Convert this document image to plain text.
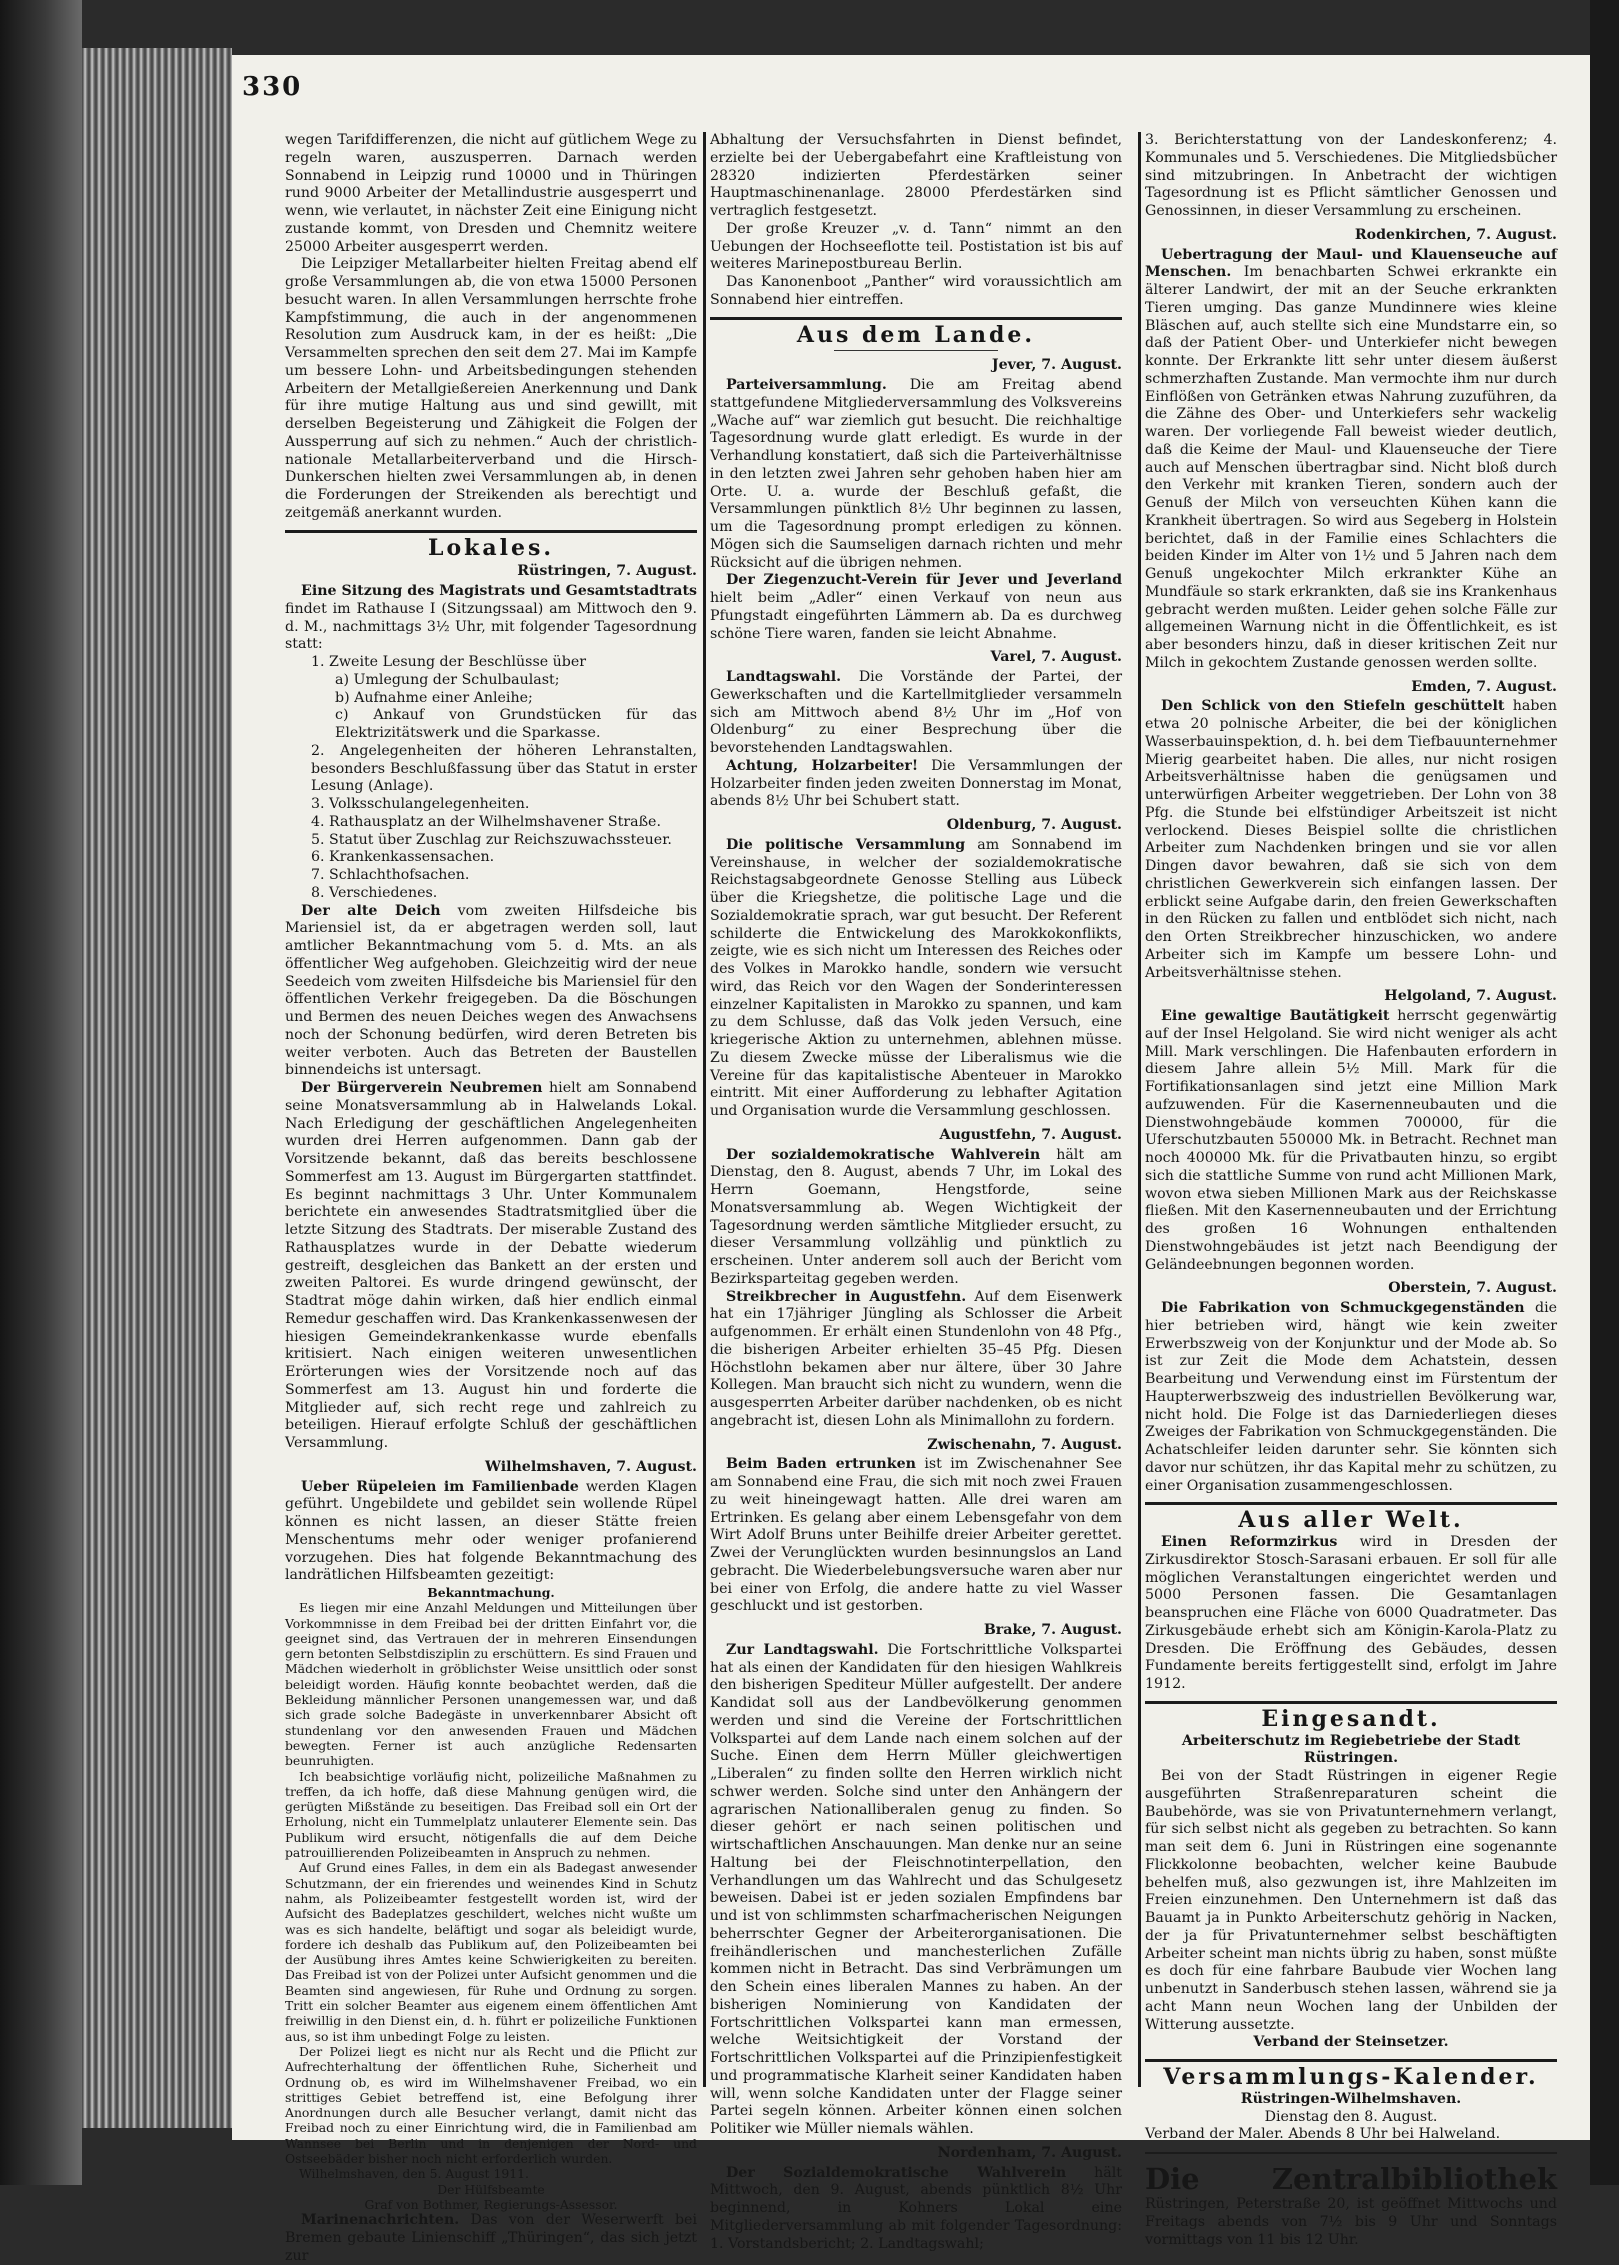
330

wegen Tarifdifferenzen, die nicht auf gütlichem Wege zu regeln waren, auszusperren. Darnach werden Sonnabend in Leipzig rund 10000 und in Thüringen rund 9000 Arbeiter der Metallindustrie ausgesperrt und wenn, wie verlautet, in nächster Zeit eine Einigung nicht zustande kommt, von Dresden und Chemnitz weitere 25000 Arbeiter ausgesperrt werden.

Die Leipziger Metallarbeiter hielten Freitag abend elf große Versammlungen ab, die von etwa 15000 Personen besucht waren. In allen Versammlungen herrschte frohe Kampfstimmung, die auch in der angenommenen Resolution zum Ausdruck kam, in der es heißt: „Die Versammelten sprechen den seit dem 27. Mai im Kampfe um bessere Lohn- und Arbeitsbedingungen stehenden Arbeitern der Metallgießereien Anerkennung und Dank für ihre mutige Haltung aus und sind gewillt, mit derselben Begeisterung und Zähigkeit die Folgen der Aussperrung auf sich zu nehmen.“ Auch der christlich-nationale Metallarbeiterverband und die Hirsch-Dunkerschen hielten zwei Versammlungen ab, in denen die Forderungen der Streikenden als berechtigt und zeitgemäß anerkannt wurden.

Lokales.
Rüstringen, 7. August.

Eine Sitzung des Magistrats und Gesamtstadtrats findet im Rathause I (Sitzungssaal) am Mittwoch den 9. d. M., nachmittags 3½ Uhr, mit folgender Tagesordnung statt:

1. Zweite Lesung der Beschlüsse über
a) Umlegung der Schulbaulast;
b) Aufnahme einer Anleihe;
c) Ankauf von Grundstücken für das Elektrizitätswerk und die Sparkasse.
2. Angelegenheiten der höheren Lehranstalten, besonders Beschlußfassung über das Statut in erster Lesung (Anlage).
3. Volksschulangelegenheiten.
4. Rathausplatz an der Wilhelmshavener Straße.
5. Statut über Zuschlag zur Reichszuwachssteuer.
6. Krankenkassensachen.
7. Schlachthofsachen.
8. Verschiedenes.

Der alte Deich vom zweiten Hilfsdeiche bis Mariensiel ist, da er abgetragen werden soll, laut amtlicher Bekanntmachung vom 5. d. Mts. an als öffentlicher Weg aufgehoben. Gleichzeitig wird der neue Seedeich vom zweiten Hilfsdeiche bis Mariensiel für den öffentlichen Verkehr freigegeben. Da die Böschungen und Bermen des neuen Deiches wegen des Anwachsens noch der Schonung bedürfen, wird deren Betreten bis weiter verboten. Auch das Betreten der Baustellen binnendeichs ist untersagt.

Der Bürgerverein Neubremen hielt am Sonnabend seine Monatsversammlung ab in Halwelands Lokal. Nach Erledigung der geschäftlichen Angelegenheiten wurden drei Herren aufgenommen. Dann gab der Vorsitzende bekannt, daß das bereits beschlossene Sommerfest am 13. August im Bürgergarten stattfindet. Es beginnt nachmittags 3 Uhr. Unter Kommunalem berichtete ein anwesendes Stadtratsmitglied über die letzte Sitzung des Stadtrats. Der miserable Zustand des Rathausplatzes wurde in der Debatte wiederum gestreift, desgleichen das Bankett an der ersten und zweiten Paltorei. Es wurde dringend gewünscht, der Stadtrat möge dahin wirken, daß hier endlich einmal Remedur geschaffen wird. Das Krankenkassenwesen der hiesigen Gemeindekrankenkasse wurde ebenfalls kritisiert. Nach einigen weiteren unwesentlichen Erörterungen wies der Vorsitzende noch auf das Sommerfest am 13. August hin und forderte die Mitglieder auf, sich recht rege und zahlreich zu beteiligen. Hierauf erfolgte Schluß der geschäftlichen Versammlung.

Wilhelmshaven, 7. August.

Ueber Rüpeleien im Familienbade werden Klagen geführt. Ungebildete und gebildet sein wollende Rüpel können es nicht lassen, an dieser Stätte freien Menschentums mehr oder weniger profanierend vorzugehen. Dies hat folgende Bekanntmachung des landrätlichen Hilfsbeamten gezeitigt:

Bekanntmachung.

Es liegen mir eine Anzahl Meldungen und Mitteilungen über Vorkommnisse in dem Freibad bei der dritten Einfahrt vor, die geeignet sind, das Vertrauen der in mehreren Einsendungen gern betonten Selbstdisziplin zu erschüttern. Es sind Frauen und Mädchen wiederholt in gröblichster Weise unsittlich oder sonst beleidigt worden. Häufig konnte beobachtet werden, daß die Bekleidung männlicher Personen unangemessen war, und daß sich grade solche Badegäste in unverkennbarer Absicht oft stundenlang vor den anwesenden Frauen und Mädchen bewegten. Ferner ist auch anzügliche Redensarten beunruhigten.

Ich beabsichtige vorläufig nicht, polizeiliche Maßnahmen zu treffen, da ich hoffe, daß diese Mahnung genügen wird, die gerügten Mißstände zu beseitigen. Das Freibad soll ein Ort der Erholung, nicht ein Tummelplatz unlauterer Elemente sein. Das Publikum wird ersucht, nötigenfalls die auf dem Deiche patrouillierenden Polizeibeamten in Anspruch zu nehmen.

Auf Grund eines Falles, in dem ein als Badegast anwesender Schutzmann, der ein frierendes und weinendes Kind in Schutz nahm, als Polizeibeamter festgestellt worden ist, wird der Aufsicht des Badeplatzes geschildert, welches nicht wußte um was es sich handelte, beläftigt und sogar als beleidigt wurde, fordere ich deshalb das Publikum auf, den Polizeibeamten bei der Ausübung ihres Amtes keine Schwierigkeiten zu bereiten. Das Freibad ist von der Polizei unter Aufsicht genommen und die Beamten sind angewiesen, für Ruhe und Ordnung zu sorgen. Tritt ein solcher Beamter aus eigenem einem öffentlichen Amt freiwillig in den Dienst ein, d. h. führt er polizeiliche Funktionen aus, so ist ihm unbedingt Folge zu leisten.

Der Polizei liegt es nicht nur als Recht und die Pflicht zur Aufrechterhaltung der öffentlichen Ruhe, Sicherheit und Ordnung ob, es wird im Wilhelmshavener Freibad, wo ein strittiges Gebiet betreffend ist, eine Befolgung ihrer Anordnungen durch alle Besucher verlangt, damit nicht das Freibad noch zu einer Einrichtung wird, die in Familienbad am Wannsee bei Berlin und in denjenigen der Nord- und Ostseebäder bisher noch nicht erforderlich wurden.

Wilhelmshaven, den 5. August 1911.

Der Hülfsbeamte
Graf von Bothmer, Regierungs-Assessor.

Marinenachrichten. Das von der Weserwerft bei Bremen gebaute Linienschiff „Thüringen“, das sich jetzt zur

Abhaltung der Versuchsfahrten in Dienst befindet, erzielte bei der Uebergabefahrt eine Kraftleistung von 28320 indizierten Pferdestärken seiner Hauptmaschinenanlage. 28000 Pferdestärken sind vertraglich festgesetzt.

Der große Kreuzer „v. d. Tann“ nimmt an den Uebungen der Hochseeflotte teil. Postistation ist bis auf weiteres Marinepostbureau Berlin.

Das Kanonenboot „Panther“ wird voraussichtlich am Sonnabend hier eintreffen.

Aus dem Lande.
Jever, 7. August.

Parteiversammlung. Die am Freitag abend stattgefundene Mitgliederversammlung des Volksvereins „Wache auf“ war ziemlich gut besucht. Die reichhaltige Tagesordnung wurde glatt erledigt. Es wurde in der Verhandlung konstatiert, daß sich die Parteiverhältnisse in den letzten zwei Jahren sehr gehoben haben hier am Orte. U. a. wurde der Beschluß gefaßt, die Versammlungen pünktlich 8½ Uhr beginnen zu lassen, um die Tagesordnung prompt erledigen zu können. Mögen sich die Saumseligen darnach richten und mehr Rücksicht auf die übrigen nehmen.

Der Ziegenzucht-Verein für Jever und Jeverland hielt beim „Adler“ einen Verkauf von neun aus Pfungstadt eingeführten Lämmern ab. Da es durchweg schöne Tiere waren, fanden sie leicht Abnahme.

Varel, 7. August.

Landtagswahl. Die Vorstände der Partei, der Gewerkschaften und die Kartellmitglieder versammeln sich am Mittwoch abend 8½ Uhr im „Hof von Oldenburg“ zu einer Besprechung über die bevorstehenden Landtagswahlen.

Achtung, Holzarbeiter! Die Versammlungen der Holzarbeiter finden jeden zweiten Donnerstag im Monat, abends 8½ Uhr bei Schubert statt.

Oldenburg, 7. August.

Die politische Versammlung am Sonnabend im Vereinshause, in welcher der sozialdemokratische Reichstagsabgeordnete Genosse Stelling aus Lübeck über die Kriegshetze, die politische Lage und die Sozialdemokratie sprach, war gut besucht. Der Referent schilderte die Entwickelung des Marokkokonflikts, zeigte, wie es sich nicht um Interessen des Reiches oder des Volkes in Marokko handle, sondern wie versucht wird, das Reich vor den Wagen der Sonderinteressen einzelner Kapitalisten in Marokko zu spannen, und kam zu dem Schlusse, daß das Volk jeden Versuch, eine kriegerische Aktion zu unternehmen, ablehnen müsse. Zu diesem Zwecke müsse der Liberalismus wie die Vereine für das kapitalistische Abenteuer in Marokko eintritt. Mit einer Aufforderung zu lebhafter Agitation und Organisation wurde die Versammlung geschlossen.

Augustfehn, 7. August.

Der sozialdemokratische Wahlverein hält am Dienstag, den 8. August, abends 7 Uhr, im Lokal des Herrn Goemann, Hengstforde, seine Monatsversammlung ab. Wegen Wichtigkeit der Tagesordnung werden sämtliche Mitglieder ersucht, zu dieser Versammlung vollzählig und pünktlich zu erscheinen. Unter anderem soll auch der Bericht vom Bezirksparteitag gegeben werden.

Streikbrecher in Augustfehn. Auf dem Eisenwerk hat ein 17jähriger Jüngling als Schlosser die Arbeit aufgenommen. Er erhält einen Stundenlohn von 48 Pfg., die bisherigen Arbeiter erhielten 35–45 Pfg. Diesen Höchstlohn bekamen aber nur ältere, über 30 Jahre Kollegen. Man braucht sich nicht zu wundern, wenn die ausgesperrten Arbeiter darüber nachdenken, ob es nicht angebracht ist, diesen Lohn als Minimallohn zu fordern.

Zwischenahn, 7. August.

Beim Baden ertrunken ist im Zwischenahner See am Sonnabend eine Frau, die sich mit noch zwei Frauen zu weit hineingewagt hatten. Alle drei waren am Ertrinken. Es gelang aber einem Lebensgefahr von dem Wirt Adolf Bruns unter Beihilfe dreier Arbeiter gerettet. Zwei der Verunglückten wurden besinnungslos an Land gebracht. Die Wiederbelebungsversuche waren aber nur bei einer von Erfolg, die andere hatte zu viel Wasser geschluckt und ist gestorben.

Brake, 7. August.

Zur Landtagswahl. Die Fortschrittliche Volkspartei hat als einen der Kandidaten für den hiesigen Wahlkreis den bisherigen Spediteur Müller aufgestellt. Der andere Kandidat soll aus der Landbevölkerung genommen werden und sind die Vereine der Fortschrittlichen Volkspartei auf dem Lande nach einem solchen auf der Suche. Einen dem Herrn Müller gleichwertigen „Liberalen“ zu finden sollte den Herren wirklich nicht schwer werden. Solche sind unter den Anhängern der agrarischen Nationalliberalen genug zu finden. So dieser gehört er nach seinen politischen und wirtschaftlichen Anschauungen. Man denke nur an seine Haltung bei der Fleischnotinterpellation, den Verhandlungen um das Wahlrecht und das Schulgesetz beweisen. Dabei ist er jeden sozialen Empfindens bar und ist von schlimmsten scharfmacherischen Neigungen beherrschter Gegner der Arbeiterorganisationen. Die freihändlerischen und manchesterlichen Zufälle kommen nicht in Betracht. Das sind Verbrämungen um den Schein eines liberalen Mannes zu haben. An der bisherigen Nominierung von Kandidaten der Fortschrittlichen Volkspartei kann man ermessen, welche Weitsichtigkeit der Vorstand der Fortschrittlichen Volkspartei auf die Prinzipienfestigkeit und programmatische Klarheit seiner Kandidaten haben will, wenn solche Kandidaten unter der Flagge seiner Partei segeln können. Arbeiter können einen solchen Politiker wie Müller niemals wählen.

Nordenham, 7. August.

Der Sozialdemokratische Wahlverein hält Mittwoch, den 9. August, abends pünktlich 8½ Uhr beginnend, in Kohners Lokal eine Mitgliederversammlung ab mit folgender Tagesordnung: 1. Vorstandsbericht; 2. Landtagswahl;

3. Berichterstattung von der Landeskonferenz; 4. Kommunales und 5. Verschiedenes. Die Mitgliedsbücher sind mitzubringen. In Anbetracht der wichtigen Tagesordnung ist es Pflicht sämtlicher Genossen und Genossinnen, in dieser Versammlung zu erscheinen.

Rodenkirchen, 7. August.

Uebertragung der Maul- und Klauenseuche auf Menschen. Im benachbarten Schwei erkrankte ein älterer Landwirt, der mit an der Seuche erkrankten Tieren umging. Das ganze Mundinnere wies kleine Bläschen auf, auch stellte sich eine Mundstarre ein, so daß der Patient Ober- und Unterkiefer nicht bewegen konnte. Der Erkrankte litt sehr unter diesem äußerst schmerzhaften Zustande. Man vermochte ihm nur durch Einflößen von Getränken etwas Nahrung zuzuführen, da die Zähne des Ober- und Unterkiefers sehr wackelig waren. Der vorliegende Fall beweist wieder deutlich, daß die Keime der Maul- und Klauenseuche der Tiere auch auf Menschen übertragbar sind. Nicht bloß durch den Verkehr mit kranken Tieren, sondern auch der Genuß der Milch von verseuchten Kühen kann die Krankheit übertragen. So wird aus Segeberg in Holstein berichtet, daß in der Familie eines Schlachters die beiden Kinder im Alter von 1½ und 5 Jahren nach dem Genuß ungekochter Milch erkrankter Kühe an Mundfäule so stark erkrankten, daß sie ins Krankenhaus gebracht werden mußten. Leider gehen solche Fälle zur allgemeinen Warnung nicht in die Öffentlichkeit, es ist aber besonders hinzu, daß in dieser kritischen Zeit nur Milch in gekochtem Zustande genossen werden sollte.

Emden, 7. August.

Den Schlick von den Stiefeln geschüttelt haben etwa 20 polnische Arbeiter, die bei der königlichen Wasserbauinspektion, d. h. bei dem Tiefbauunternehmer Mierig gearbeitet haben. Die alles, nur nicht rosigen Arbeitsverhältnisse haben die genügsamen und unterwürfigen Arbeiter weggetrieben. Der Lohn von 38 Pfg. die Stunde bei elfstündiger Arbeitszeit ist nicht verlockend. Dieses Beispiel sollte die christlichen Arbeiter zum Nachdenken bringen und sie vor allen Dingen davor bewahren, daß sie sich von dem christlichen Gewerkverein sich einfangen lassen. Der erblickt seine Aufgabe darin, den freien Gewerkschaften in den Rücken zu fallen und entblödet sich nicht, nach den Orten Streikbrecher hinzuschicken, wo andere Arbeiter sich im Kampfe um bessere Lohn- und Arbeitsverhältnisse stehen.

Helgoland, 7. August.

Eine gewaltige Bautätigkeit herrscht gegenwärtig auf der Insel Helgoland. Sie wird nicht weniger als acht Mill. Mark verschlingen. Die Hafenbauten erfordern in diesem Jahre allein 5½ Mill. Mark für die Fortifikationsanlagen sind jetzt eine Million Mark aufzuwenden. Für die Kasernenneubauten und die Dienstwohngebäude kommen 700000, für die Uferschutzbauten 550000 Mk. in Betracht. Rechnet man noch 400000 Mk. für die Privatbauten hinzu, so ergibt sich die stattliche Summe von rund acht Millionen Mark, wovon etwa sieben Millionen Mark aus der Reichskasse fließen. Mit den Kasernenneubauten und der Errichtung des großen 16 Wohnungen enthaltenden Dienstwohngebäudes ist jetzt nach Beendigung der Geländeebnungen begonnen worden.

Oberstein, 7. August.

Die Fabrikation von Schmuckgegenständen die hier betrieben wird, hängt wie kein zweiter Erwerbszweig von der Konjunktur und der Mode ab. So ist zur Zeit die Mode dem Achatstein, dessen Bearbeitung und Verwendung einst im Fürstentum der Haupterwerbszweig des industriellen Bevölkerung war, nicht hold. Die Folge ist das Darniederliegen dieses Zweiges der Fabrikation von Schmuckgegenständen. Die Achatschleifer leiden darunter sehr. Sie könnten sich davor nur schützen, ihr das Kapital mehr zu schützen, zu einer Organisation zusammengeschlossen.

Aus aller Welt.

Einen Reformzirkus wird in Dresden der Zirkusdirektor Stosch-Sarasani erbauen. Er soll für alle möglichen Veranstaltungen eingerichtet werden und 5000 Personen fassen. Die Gesamtanlagen beanspruchen eine Fläche von 6000 Quadratmeter. Das Zirkusgebäude erhebt sich am Königin-Karola-Platz zu Dresden. Die Eröffnung des Gebäudes, dessen Fundamente bereits fertiggestellt sind, erfolgt im Jahre 1912.

Eingesandt.
Arbeiterschutz im Regiebetriebe der Stadt Rüstringen.

Bei von der Stadt Rüstringen in eigener Regie ausgeführten Straßenreparaturen scheint die Baubehörde, was sie von Privatunternehmern verlangt, für sich selbst nicht als gegeben zu betrachten. So kann man seit dem 6. Juni in Rüstringen eine sogenannte Flickkolonne beobachten, welcher keine Baubude behelfen muß, also gezwungen ist, ihre Mahlzeiten im Freien einzunehmen. Den Unternehmern ist daß das Bauamt ja in Punkto Arbeiterschutz gehörig in Nacken, der ja für Privatunternehmer selbst beschäftigten Arbeiter scheint man nichts übrig zu haben, sonst müßte es doch für eine fahrbare Baubude vier Wochen lang unbenutzt in Sanderbusch stehen lassen, während sie ja acht Mann neun Wochen lang der Unbilden der Witterung aussetzte.

Verband der Steinsetzer.
Versammlungs-Kalender.
Rüstringen-Wilhelmshaven.
Dienstag den 8. August.
Verband der Maler. Abends 8 Uhr bei Halweland.
Die Zentralbibliothek Rüstringen, Peterstraße 20, ist geöffnet Mittwochs und Freitags abends von 7½ bis 9 Uhr und Sonntags vormittags von 11 bis 12 Uhr.
